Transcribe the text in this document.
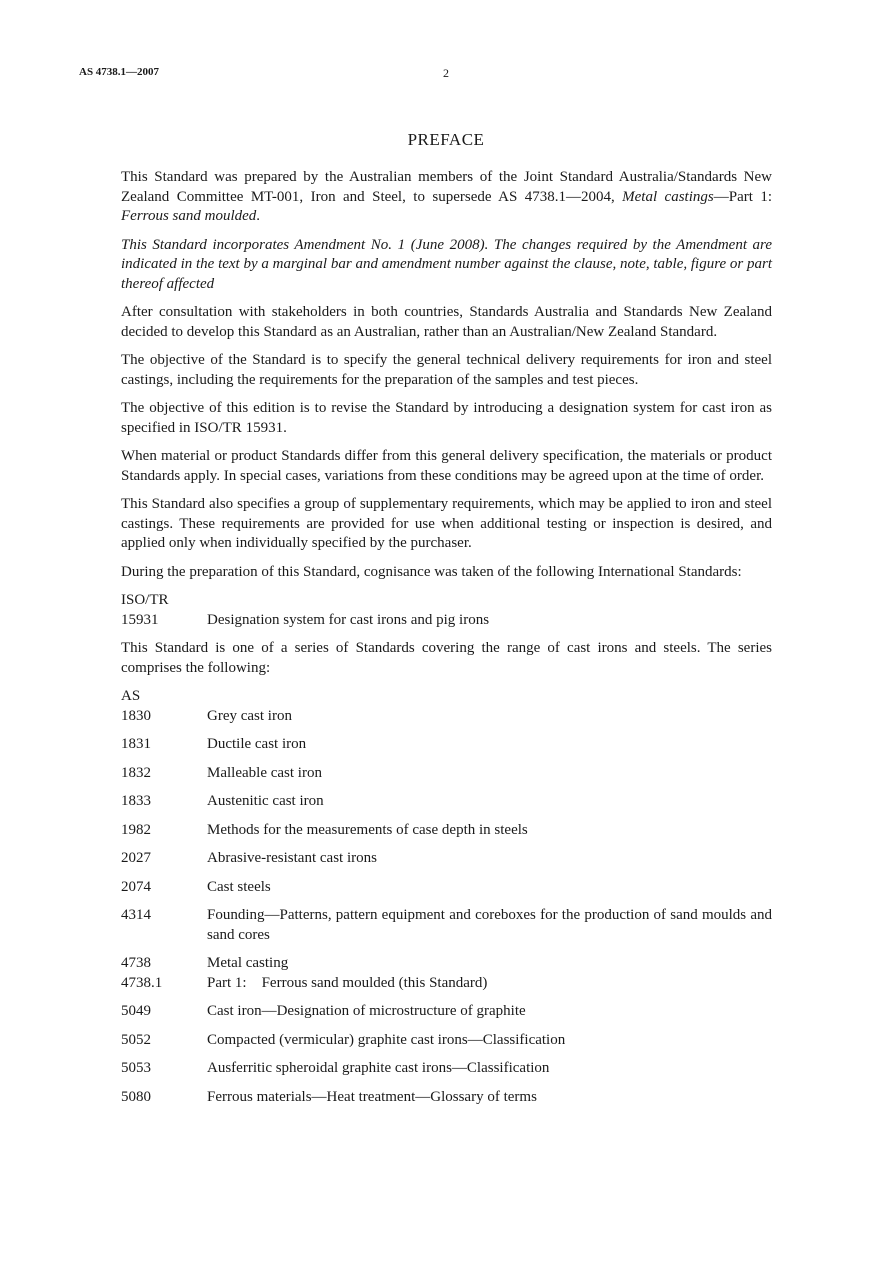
AS 4738.1—2007	2
PREFACE

This Standard was prepared by the Australian members of the Joint Standard Australia/Standards New Zealand Committee MT-001, Iron and Steel, to supersede AS 4738.1—2004, Metal castings—Part 1: Ferrous sand moulded.

This Standard incorporates Amendment No. 1 (June 2008). The changes required by the Amendment are indicated in the text by a marginal bar and amendment number against the clause, note, table, figure or part thereof affected

After consultation with stakeholders in both countries, Standards Australia and Standards New Zealand decided to develop this Standard as an Australian, rather than an Australian/New Zealand Standard.

The objective of the Standard is to specify the general technical delivery requirements for iron and steel castings, including the requirements for the preparation of the samples and test pieces.

The objective of this edition is to revise the Standard by introducing a designation system for cast iron as specified in ISO/TR 15931.

When material or product Standards differ from this general delivery specification, the materials or product Standards apply. In special cases, variations from these conditions may be agreed upon at the time of order.

This Standard also specifies a group of supplementary requirements, which may be applied to iron and steel castings. These requirements are provided for use when additional testing or inspection is desired, and applied only when individually specified by the purchaser.

During the preparation of this Standard, cognisance was taken of the following International Standards:

ISO/TR
15931	Designation system for cast irons and pig irons

This Standard is one of a series of Standards covering the range of cast irons and steels. The series comprises the following:

AS
1830	Grey cast iron
1831	Ductile cast iron
1832	Malleable cast iron
1833	Austenitic cast iron
1982	Methods for the measurements of case depth in steels
2027	Abrasive-resistant cast irons
2074	Cast steels
4314	Founding—Patterns, pattern equipment and coreboxes for the production of sand moulds and sand cores
4738	Metal casting
4738.1	Part 1: Ferrous sand moulded (this Standard)
5049	Cast iron—Designation of microstructure of graphite
5052	Compacted (vermicular) graphite cast irons—Classification
5053	Ausferritic spheroidal graphite cast irons—Classification
5080	Ferrous materials—Heat treatment—Glossary of terms
